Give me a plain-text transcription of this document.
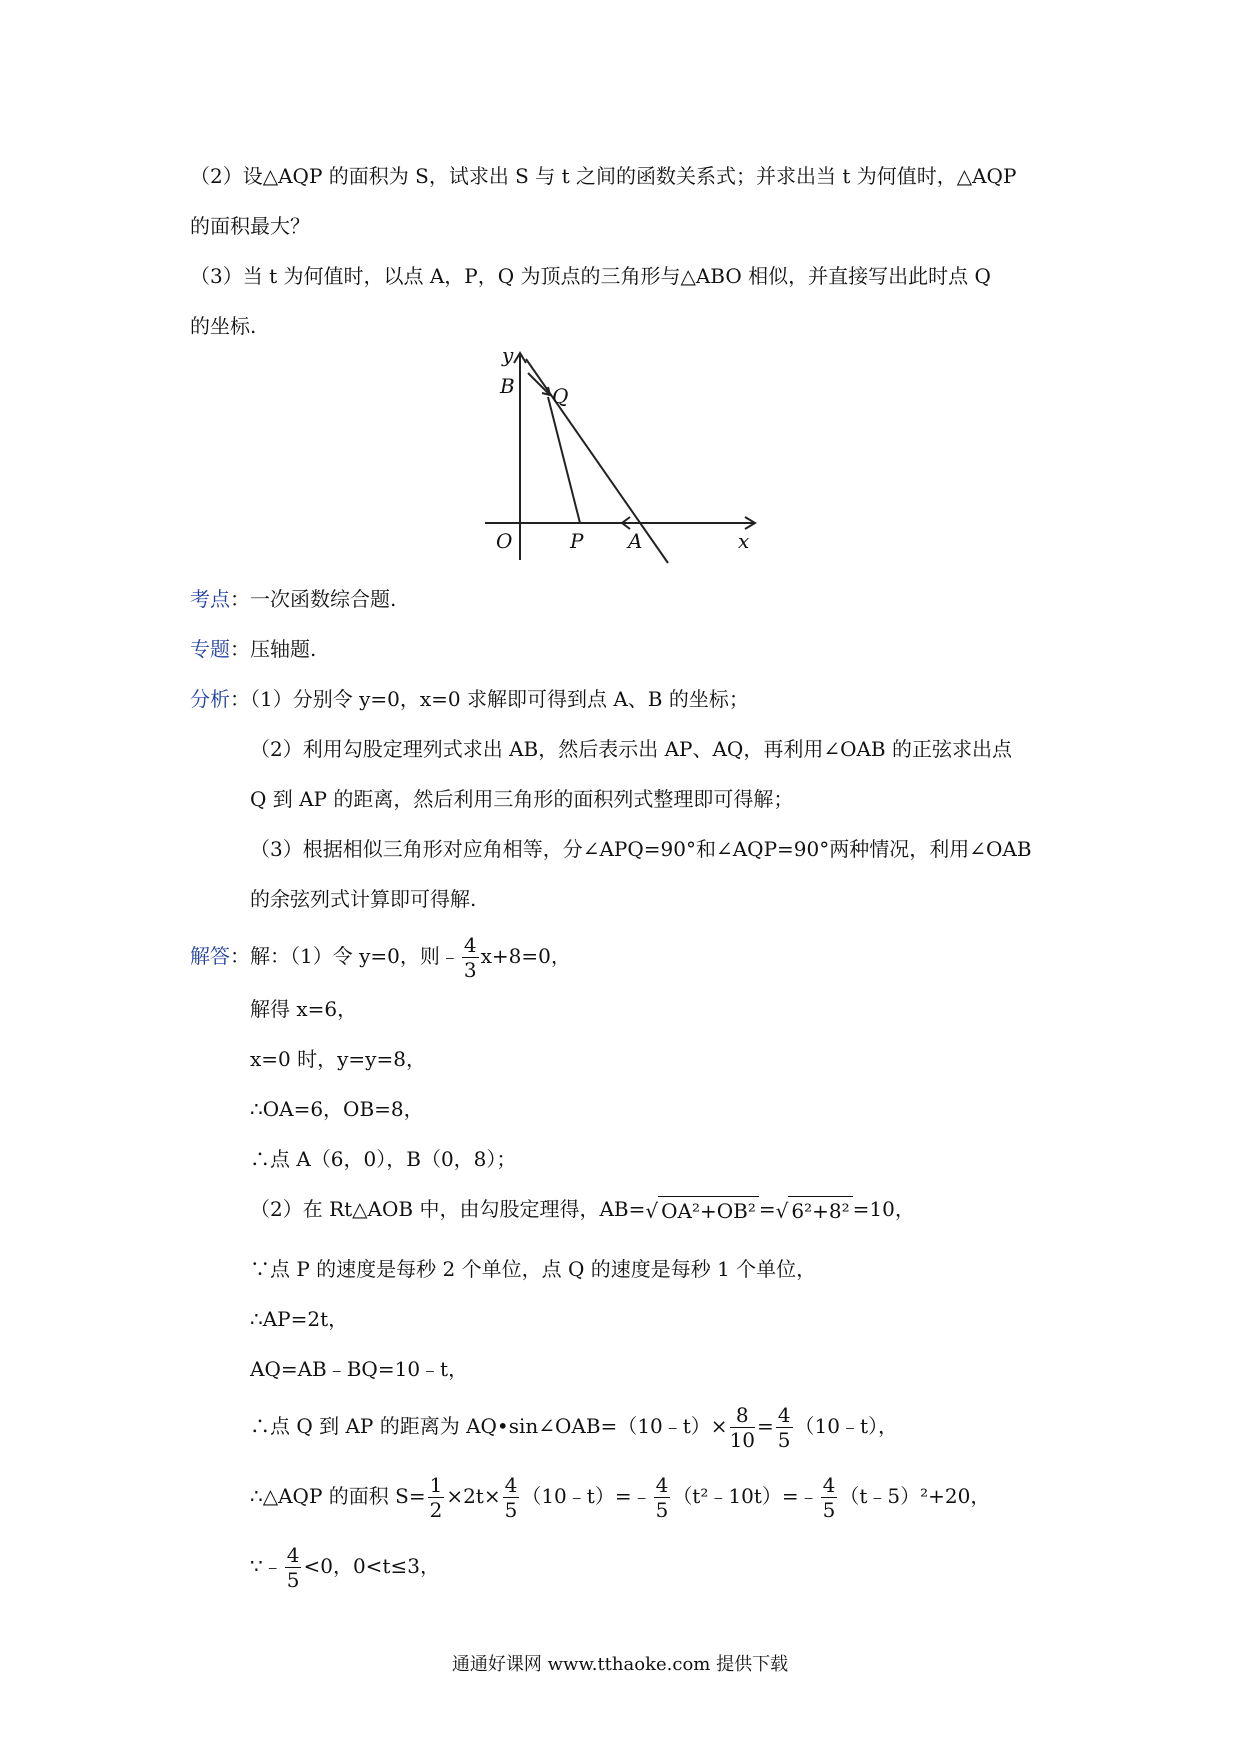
（2）设△AQP 的面积为 S，试求出 S 与 t 之间的函数关系式；并求出当 t 为何值时，△AQP
的面积最大？
（3）当 t 为何值时，以点 A，P，Q 为顶点的三角形与△ABO 相似，并直接写出此时点 Q
的坐标.
y
B Q
O	P A	x
考点：一次函数综合题.
专题：压轴题.
分析：（1）分别令 y=0，x=0 求解即可得到点 A、B 的坐标；
（2）利用勾股定理列式求出 AB，然后表示出 AP、AQ，再利用∠OAB 的正弦求出点
Q 到 AP 的距离，然后利用三角形的面积列式整理即可得解；
（3）根据相似三角形对应角相等，分∠APQ=90°和∠AQP=90°两种情况，利用∠OAB
的余弦列式计算即可得解.
解答：解：（1）令 y=0，则﹣ $\frac{4}{3} x+8=0$，
解得 x=6，
x=0 时，y=y=8，
∴OA=6，OB=8，
∴点 A（6，0），B（0，8）；
（2）在 Rt△AOB 中，由勾股定理得，AB=√ OA²+OB² =√ 6²+8² =10，
∵点 P 的速度是每秒 2 个单位，点 Q 的速度是每秒 1 个单位，
∴AP=2t，
AQ=AB﹣BQ=10﹣t，
∴点 Q 到 AP 的距离为 AQ•sin∠OAB=（10﹣t）× $\frac{8}{10} = \frac{4}{5}$ （10﹣t），
∴△AQP 的面积 $S= \frac{1}{2} \times 2t\times \frac{4}{5}$ （10﹣t）=﹣ $\frac{4}{5}$ （t²﹣10t）=﹣ $\frac{4}{5}$ （t﹣5）²+20，
∵﹣ $\frac{4}{5} <0$，0<t≤3，
通通好课网 www.tthaoke.com 提供下载
